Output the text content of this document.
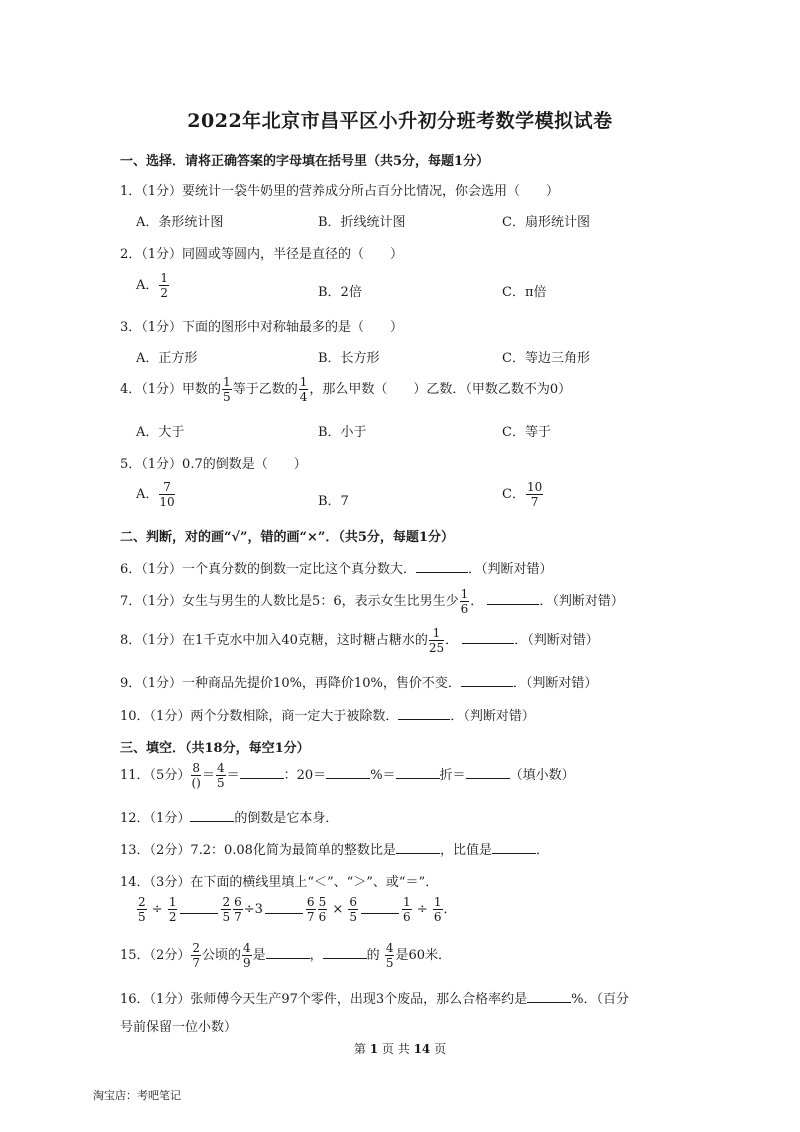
2022年北京市昌平区小升初分班考数学模拟试卷
一、选择．请将正确答案的字母填在括号里（共5分，每题1分）
1．（1分）要统计一袋牛奶里的营养成分所占百分比情况，你会选用（　　）
A．条形统计图	B．折线统计图	C．扇形统计图
2．（1分）同圆或等圆内，半径是直径的（　　）
A． $\frac{1}{2}$	B．2倍	C．π倍
3．（1分）下面的图形中对称轴最多的是（　　）
A．正方形	B．长方形	C．等边三角形
4．（1分）甲数的 $\frac{1}{5}$ 等于乙数的 $\frac{1}{4}$ ，那么甲数（　　）乙数．（甲数乙数不为0）
A．大于	B．小于	C．等于
5．（1分）0.7的倒数是（　　）
A． $\frac{7}{10}$	B．7	C． $\frac{10}{7}$
二、判断，对的画“√”，错的画“×”．（共5分，每题1分）
6．（1分）一个真分数的倒数一定比这个真分数大．	．（判断对错）
7．（1分）女生与男生的人数比是5：6，表示女生比男生少 $\frac{1}{6}$ ．	．（判断对错）
8．（1分）在1千克水中加入40克糖，这时糖占糖水的 $\frac{1}{25}$ ．	．（判断对错）
9．（1分）一种商品先提价10%，再降价10%，售价不变．	．（判断对错）
10．（1分）两个分数相除，商一定大于被除数．	．（判断对错）
三、填空．（共18分，每空1分）
11．（5分） $\frac{8}{()} = \frac{4}{5}$ ＝	：20＝	%＝	折＝	（填小数）
12．（1分）	的倒数是它本身．
13．（2分）7.2：0.08化简为最简单的整数比是	，比值是	．
14．（3分）在下面的横线里填上“＜”、“＞”、或“＝”．
$\frac{2}{5} \div \frac{1}{2}$	$\frac{2}{5} \frac{6}{7} \div 3$	$\frac{6}{7} \frac{5}{6} \times \frac{6}{5}$	$\frac{1}{6} \div \frac{1}{6}$ ．
15．（2分） $\frac{2}{7}$ 公顷的 $\frac{4}{9}$ 是	，	的 $\frac{4}{5}$ 是60米．
16．（1分）张师傅今天生产97个零件，出现3个废品，那么合格率约是	%．（百分
号前保留一位小数）
第 1 页 共 14 页
淘宝店：考吧笔记
